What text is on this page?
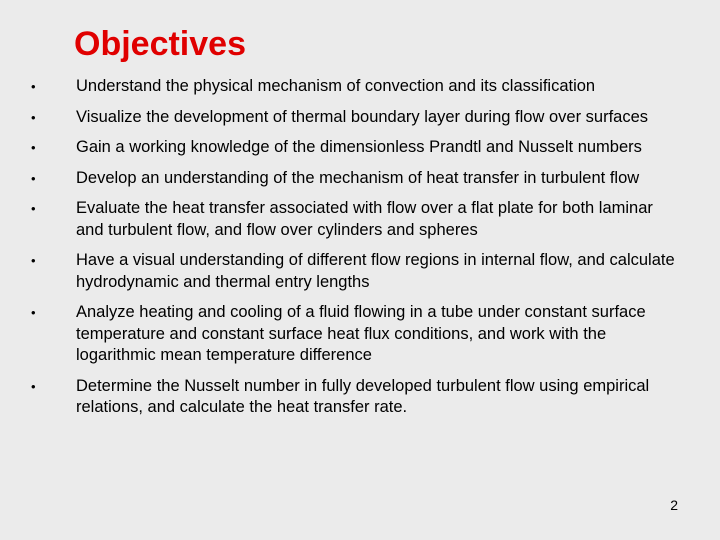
Objectives
• Understand the physical mechanism of convection and its classification
• Visualize the development of thermal boundary layer during flow over surfaces
• Gain a working knowledge of the dimensionless Prandtl and Nusselt numbers
• Develop an understanding of the mechanism of heat transfer in turbulent flow
• Evaluate the heat transfer associated with flow over a flat plate for both laminar and turbulent flow, and flow over cylinders and spheres
• Have a visual understanding of different flow regions in internal flow, and calculate hydrodynamic and thermal entry lengths
• Analyze heating and cooling of a fluid flowing in a tube under constant surface temperature and constant surface heat flux conditions, and work with the logarithmic mean temperature difference
• Determine the Nusselt number in fully developed turbulent flow using empirical relations, and calculate the heat transfer rate.
2
